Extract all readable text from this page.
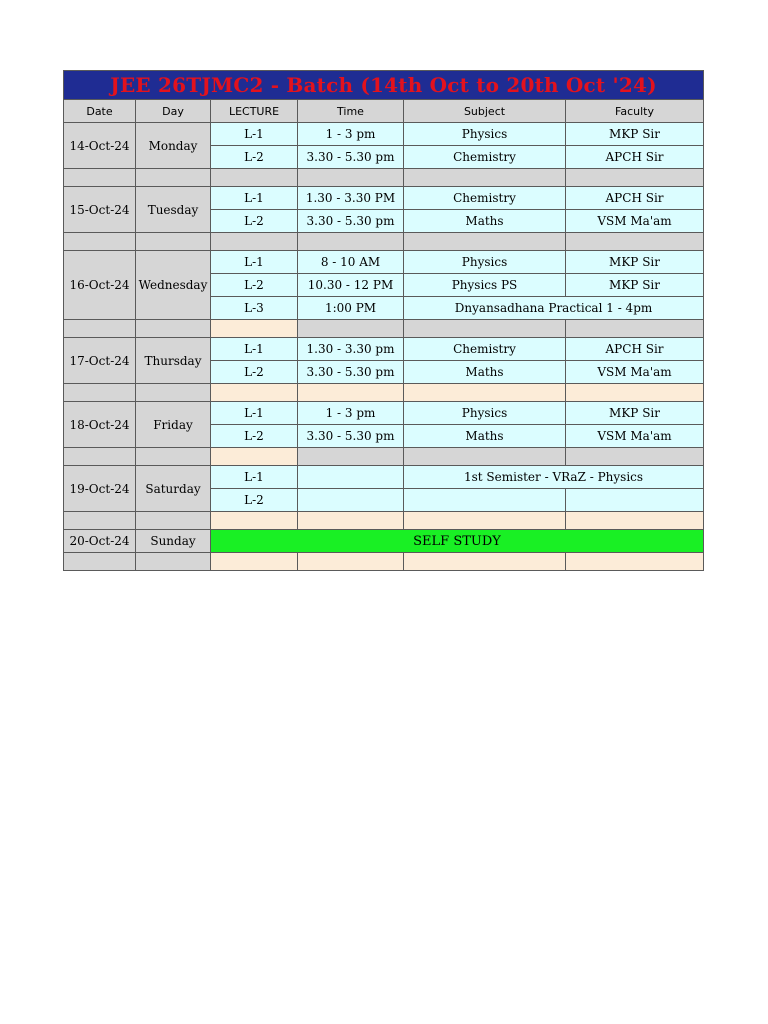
JEE 26TJMC2 - Batch (14th Oct to 20th Oct '24)					
Date	Day	LECTURE	Time	Subject	Faculty
14-Oct-24	Monday	L-1	1 - 3 pm	Physics	MKP Sir
		L-2	3.30 - 5.30 pm	Chemistry	APCH Sir

15-Oct-24	Tuesday	L-1	1.30 - 3.30 PM	Chemistry	APCH Sir
		L-2	3.30 - 5.30 pm	Maths	VSM Ma'am

16-Oct-24	Wednesday	L-1	8 - 10 AM	Physics	MKP Sir
		L-2	10.30 - 12 PM	Physics PS	MKP Sir
		L-3	1:00 PM	Dnyansadhana Practical 1 - 4pm	

17-Oct-24	Thursday	L-1	1.30 - 3.30 pm	Chemistry	APCH Sir
		L-2	3.30 - 5.30 pm	Maths	VSM Ma'am

18-Oct-24	Friday	L-1	1 - 3 pm	Physics	MKP Sir
		L-2	3.30 - 5.30 pm	Maths	VSM Ma'am

19-Oct-24	Saturday	L-1		1st Semister - VRaZ - Physics	
		L-2			

20-Oct-24	Sunday	SELF STUDY			
